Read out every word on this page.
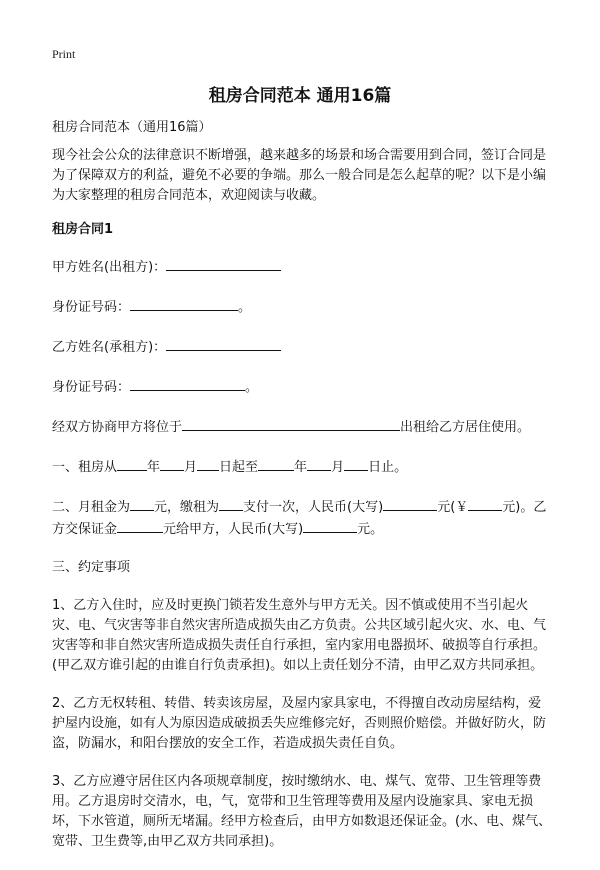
Print
租房合同范本 通用16篇

租房合同范本（通用16篇）

现今社会公众的法律意识不断增强，越来越多的场景和场合需要用到合同，签订合同是为了保障双方的利益，避免不必要的争端。那么一般合同是怎么起草的呢？以下是小编为大家整理的租房合同范本，欢迎阅读与收藏。

租房合同1

甲方姓名(出租方)：

身份证号码：	。

乙方姓名(承租方)：

身份证号码：	。

经双方协商甲方将位于	出租给乙方居住使用。

一、租房从 年 月 日起至	年 月 日止。

二、月租金为 元，缴租为 支付一次，人民币(大写)	元(￥	元)。乙方交保证金	元给甲方，人民币(大写)	元。

三、约定事项

1、乙方入住时，应及时更换门锁若发生意外与甲方无关。因不慎或使用不当引起火灾、电、气灾害等非自然灾害所造成损失由乙方负责。公共区域引起火灾、水、电、气灾害等和非自然灾害所造成损失责任自行承担，室内家用电器损坏、破损等自行承担。(甲乙双方谁引起的由谁自行负责承担)。如以上责任划分不清，由甲乙双方共同承担。

2、乙方无权转租、转借、转卖该房屋，及屋内家具家电，不得擅自改动房屋结构，爱护屋内设施，如有人为原因造成破损丢失应维修完好，否则照价赔偿。并做好防火，防盗，防漏水，和阳台摆放的安全工作，若造成损失责任自负。

3、乙方应遵守居住区内各项规章制度，按时缴纳水、电、煤气、宽带、卫生管理等费用。乙方退房时交清水，电，气，宽带和卫生管理等费用及屋内设施家具、家电无损坏，下水管道，厕所无堵漏。经甲方检查后，由甲方如数退还保证金。(水、电、煤气、宽带、卫生费等,由甲乙双方共同承担)。
